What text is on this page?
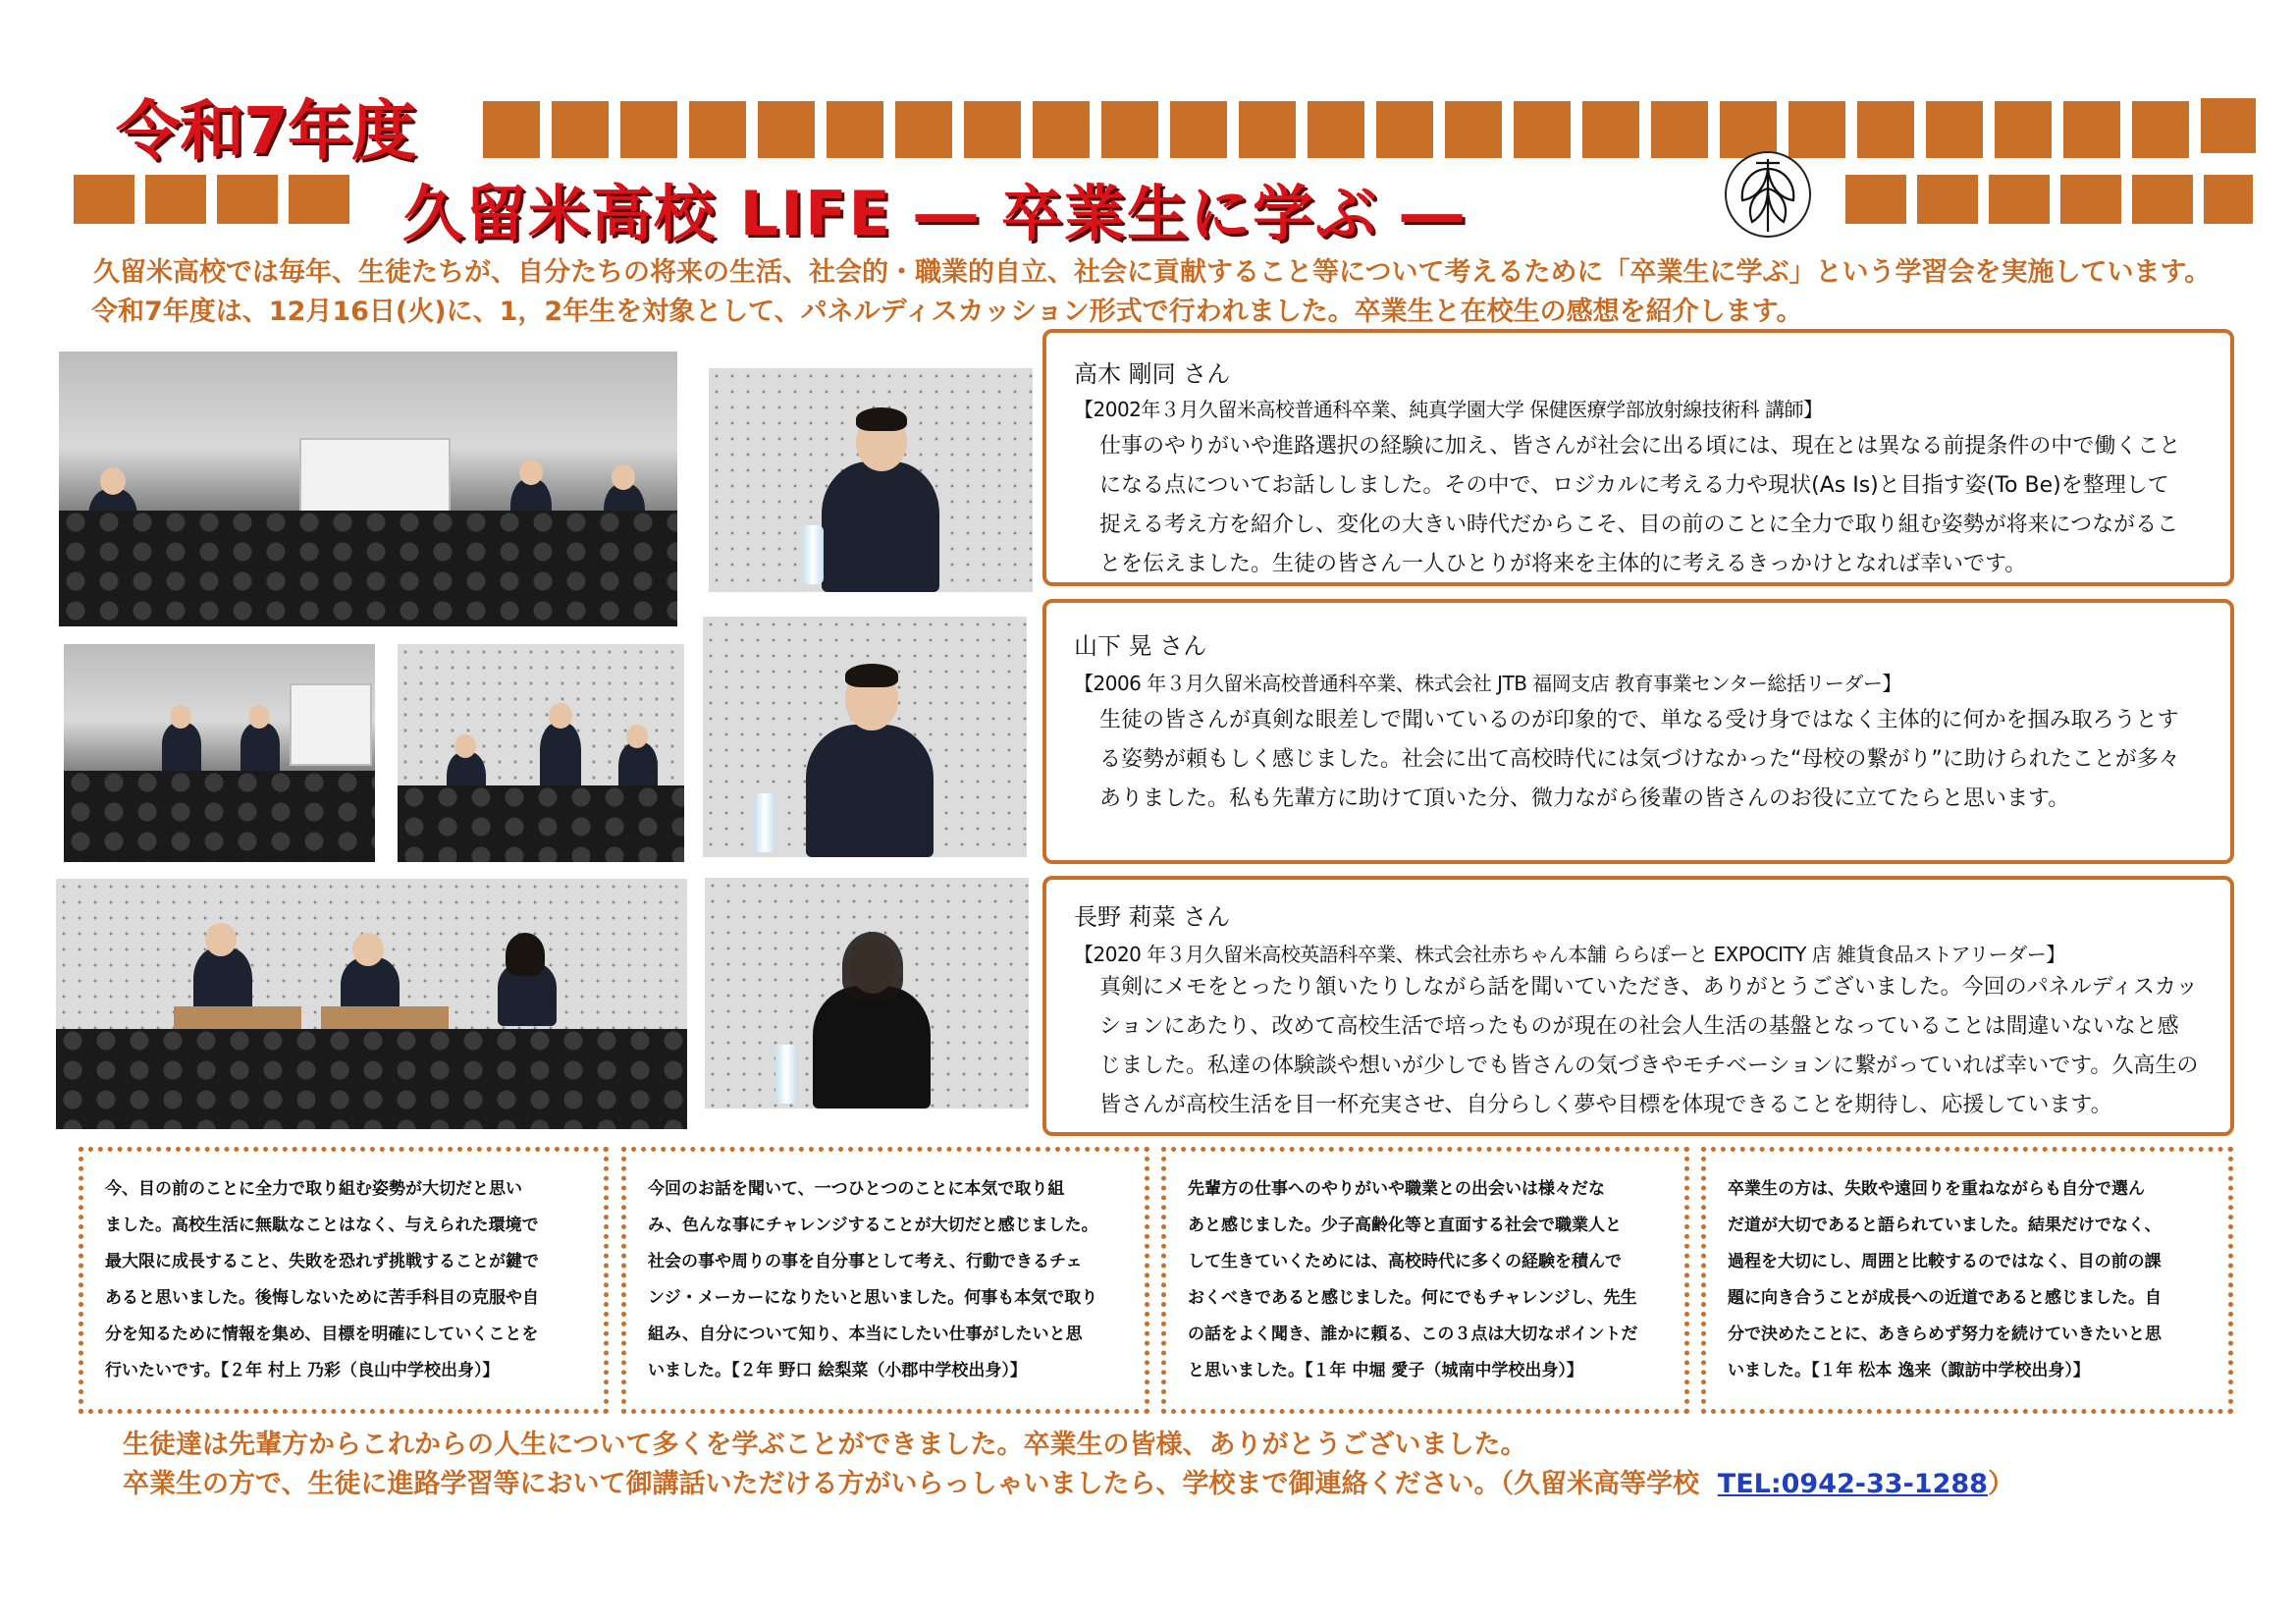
令和7年度
久留米高校 LIFE ― 卒業生に学ぶ ―
久留米高校では毎年、生徒たちが、自分たちの将来の生活、社会的・職業的自立、社会に貢献すること等について考えるために「卒業生に学ぶ」という学習会を実施しています。
令和7年度は、12月16日(火)に、1，2年生を対象として、パネルディスカッション形式で行われました。卒業生と在校生の感想を紹介します。
高木 剛同 さん
【2002年３月久留米高校普通科卒業、純真学園大学 保健医療学部放射線技術科 講師】
仕事のやりがいや進路選択の経験に加え、皆さんが社会に出る頃には、現在とは異なる前提条件の中で働くこと
になる点についてお話ししました。その中で、ロジカルに考える力や現状(As Is)と目指す姿(To Be)を整理して
捉える考え方を紹介し、変化の大きい時代だからこそ、目の前のことに全力で取り組む姿勢が将来につながるこ
とを伝えました。生徒の皆さん一人ひとりが将来を主体的に考えるきっかけとなれば幸いです。
山下 晃 さん
【2006 年３月久留米高校普通科卒業、株式会社 JTB 福岡支店 教育事業センター総括リーダー】
生徒の皆さんが真剣な眼差しで聞いているのが印象的で、単なる受け身ではなく主体的に何かを掴み取ろうとす
る姿勢が頼もしく感じました。社会に出て高校時代には気づけなかった“母校の繋がり”に助けられたことが多々
ありました。私も先輩方に助けて頂いた分、微力ながら後輩の皆さんのお役に立てたらと思います。
長野 莉菜 さん
【2020 年３月久留米高校英語科卒業、株式会社赤ちゃん本舗 ららぽーと EXPOCITY 店 雑貨食品ストアリーダー】
真剣にメモをとったり頷いたりしながら話を聞いていただき、ありがとうございました。今回のパネルディスカッ
ションにあたり、改めて高校生活で培ったものが現在の社会人生活の基盤となっていることは間違いないなと感
じました。私達の体験談や想いが少しでも皆さんの気づきやモチベーションに繋がっていれば幸いです。久高生の
皆さんが高校生活を目一杯充実させ、自分らしく夢や目標を体現できることを期待し、応援しています。
今、目の前のことに全力で取り組む姿勢が大切だと思い
ました。高校生活に無駄なことはなく、与えられた環境で
最大限に成長すること、失敗を恐れず挑戦することが鍵で
あると思いました。後悔しないために苦手科目の克服や自
分を知るために情報を集め、目標を明確にしていくことを
行いたいです。【２年 村上 乃彩（良山中学校出身）】
今回のお話を聞いて、一つひとつのことに本気で取り組
み、色んな事にチャレンジすることが大切だと感じました。
社会の事や周りの事を自分事として考え、行動できるチェ
ンジ・メーカーになりたいと思いました。何事も本気で取り
組み、自分について知り、本当にしたい仕事がしたいと思
いました。【２年 野口 絵梨菜（小郡中学校出身）】
先輩方の仕事へのやりがいや職業との出会いは様々だな
あと感じました。少子高齢化等と直面する社会で職業人と
して生きていくためには、高校時代に多くの経験を積んで
おくべきであると感じました。何にでもチャレンジし、先生
の話をよく聞き、誰かに頼る、この３点は大切なポイントだ
と思いました。【１年 中堀 愛子（城南中学校出身）】
卒業生の方は、失敗や遠回りを重ねながらも自分で選ん
だ道が大切であると語られていました。結果だけでなく、
過程を大切にし、周囲と比較するのではなく、目の前の課
題に向き合うことが成長への近道であると感じました。自
分で決めたことに、あきらめず努力を続けていきたいと思
いました。【１年 松本 逸来（諏訪中学校出身）】
生徒達は先輩方からこれからの人生について多くを学ぶことができました。卒業生の皆様、ありがとうございました。
卒業生の方で、生徒に進路学習等において御講話いただける方がいらっしゃいましたら、学校まで御連絡ください。（久留米高等学校 TEL:0942-33-1288）
